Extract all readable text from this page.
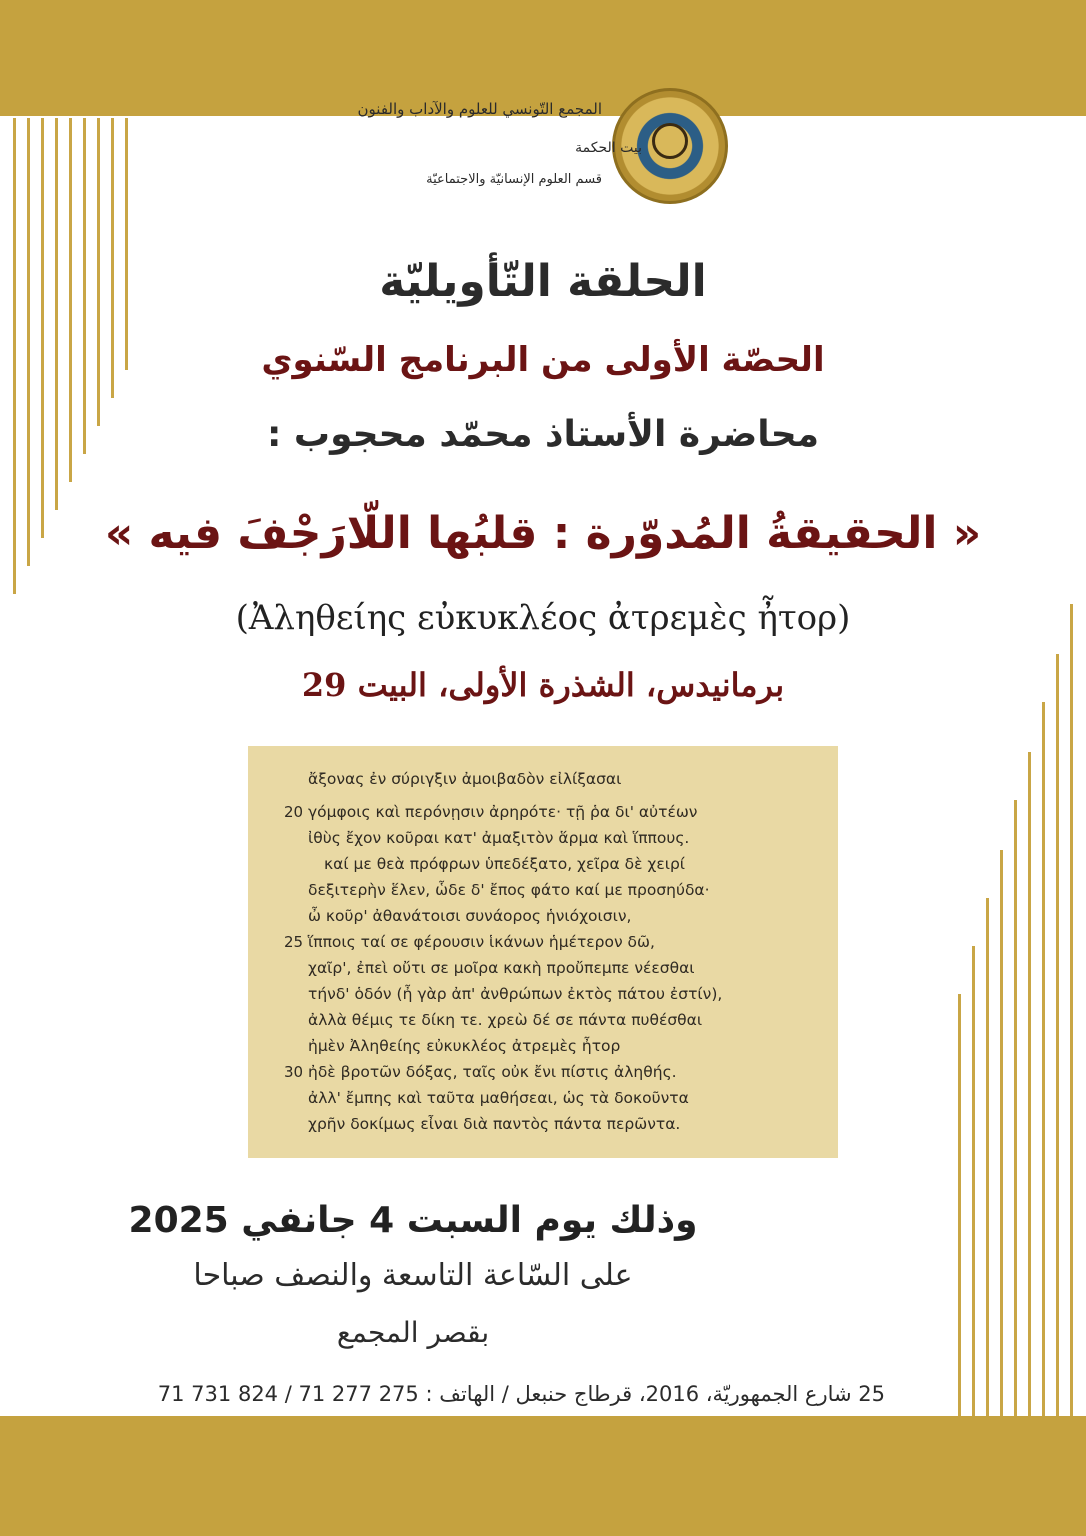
المجمع التّونسي للعلوم والآداب والفنون
بيت الحكمة
قسم العلوم الإنسانيّة والاجتماعيّة
الحلقة التّأويليّة
الحصّة الأولى من البرنامج السّنوي
محاضرة الأستاذ محمّد محجوب :
« الحقيقةُ المُدوّرة : قلبُها اللّارَجْفَ فيه »
(Ἀληθείης εὐκυκλέος ἀτρεμὲς ἦτορ)
برمانيدس، الشذرة الأولى، البيت 29
ἄξονας ἐν σύριγξιν ἀμοιβαδὸν εἰλίξασαι
20 γόμφοις καὶ περόνῃσιν ἀρηρότε· τῇ ῥα δι' αὐτέων
ἰθὺς ἔχον κοῦραι κατ' ἀμαξιτὸν ἅρμα καὶ ἵππους.
καί με θεὰ πρόφρων ὑπεδέξατο, χεῖρα δὲ χειρί
δεξιτερὴν ἕλεν, ὧδε δ' ἔπος φάτο καί με προσηύδα·
ὦ κοῦρ' ἀθανάτοισι συνάορος ἡνιόχοισιν,
25 ἵπποις ταί σε φέρουσιν ἱκάνων ἡμέτερον δῶ,
χαῖρ', ἐπεὶ οὔτι σε μοῖρα κακὴ προὔπεμπε νέεσθαι
τήνδ' ὁδόν (ἦ γὰρ ἀπ' ἀνθρώπων ἐκτὸς πάτου ἐστίν),
ἀλλὰ θέμις τε δίκη τε. χρεὼ δέ σε πάντα πυθέσθαι
ἠμὲν Ἀληθείης εὐκυκλέος ἀτρεμὲς ἦτορ
30 ἠδὲ βροτῶν δόξας, ταῖς οὐκ ἔνι πίστις ἀληθής.
ἀλλ' ἔμπης καὶ ταῦτα μαθήσεαι, ὡς τὰ δοκοῦντα
χρῆν δοκίμως εἶναι διὰ παντὸς πάντα περῶντα.
وذلك يوم السبت 4 جانفي 2025
على السّاعة التاسعة والنصف صباحا
بقصر المجمع
25 شارع الجمهوريّة، 2016، قرطاج حنبعل / الهاتف : 275 277 71 / 824 731 71
